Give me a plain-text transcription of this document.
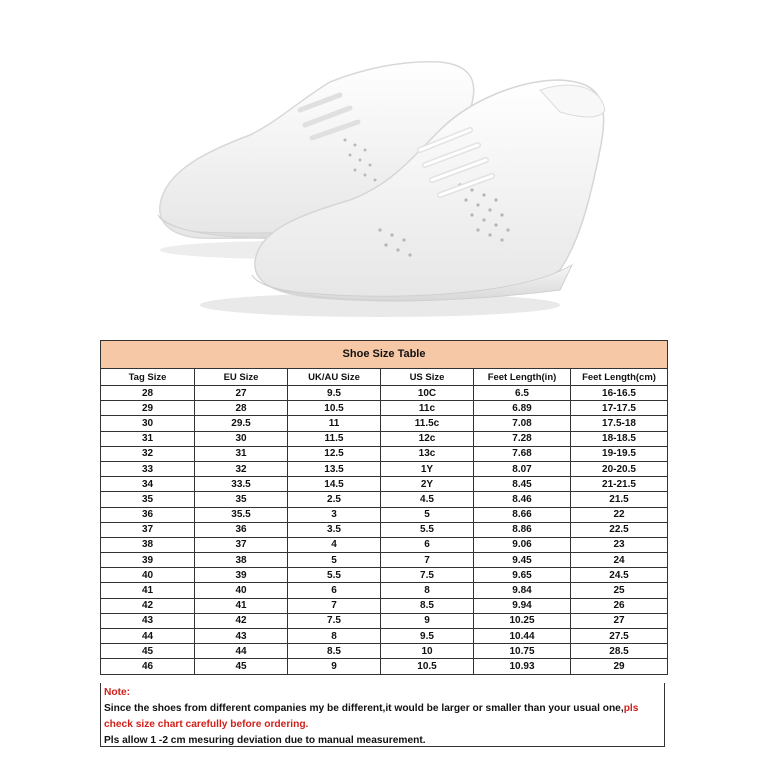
Shoe Size Table					
Tag Size	EU Size	UK/AU Size	US Size	Feet Length(in)	Feet Length(cm)
28	27	9.5	10C	6.5	16-16.5
29	28	10.5	11c	6.89	17-17.5
30	29.5	11	11.5c	7.08	17.5-18
31	30	11.5	12c	7.28	18-18.5
32	31	12.5	13c	7.68	19-19.5
33	32	13.5	1Y	8.07	20-20.5
34	33.5	14.5	2Y	8.45	21-21.5
35	35	2.5	4.5	8.46	21.5
36	35.5	3	5	8.66	22
37	36	3.5	5.5	8.86	22.5
38	37	4	6	9.06	23
39	38	5	7	9.45	24
40	39	5.5	7.5	9.65	24.5
41	40	6	8	9.84	25
42	41	7	8.5	9.94	26
43	42	7.5	9	10.25	27
44	43	8	9.5	10.44	27.5
45	44	8.5	10	10.75	28.5
46	45	9	10.5	10.93	29

Note:

Since the shoes from different companies my be different,it would be larger or smaller than your usual one,pls

check size chart carefully before ordering.

Pls allow 1 -2 cm mesuring deviation due to manual measurement.
